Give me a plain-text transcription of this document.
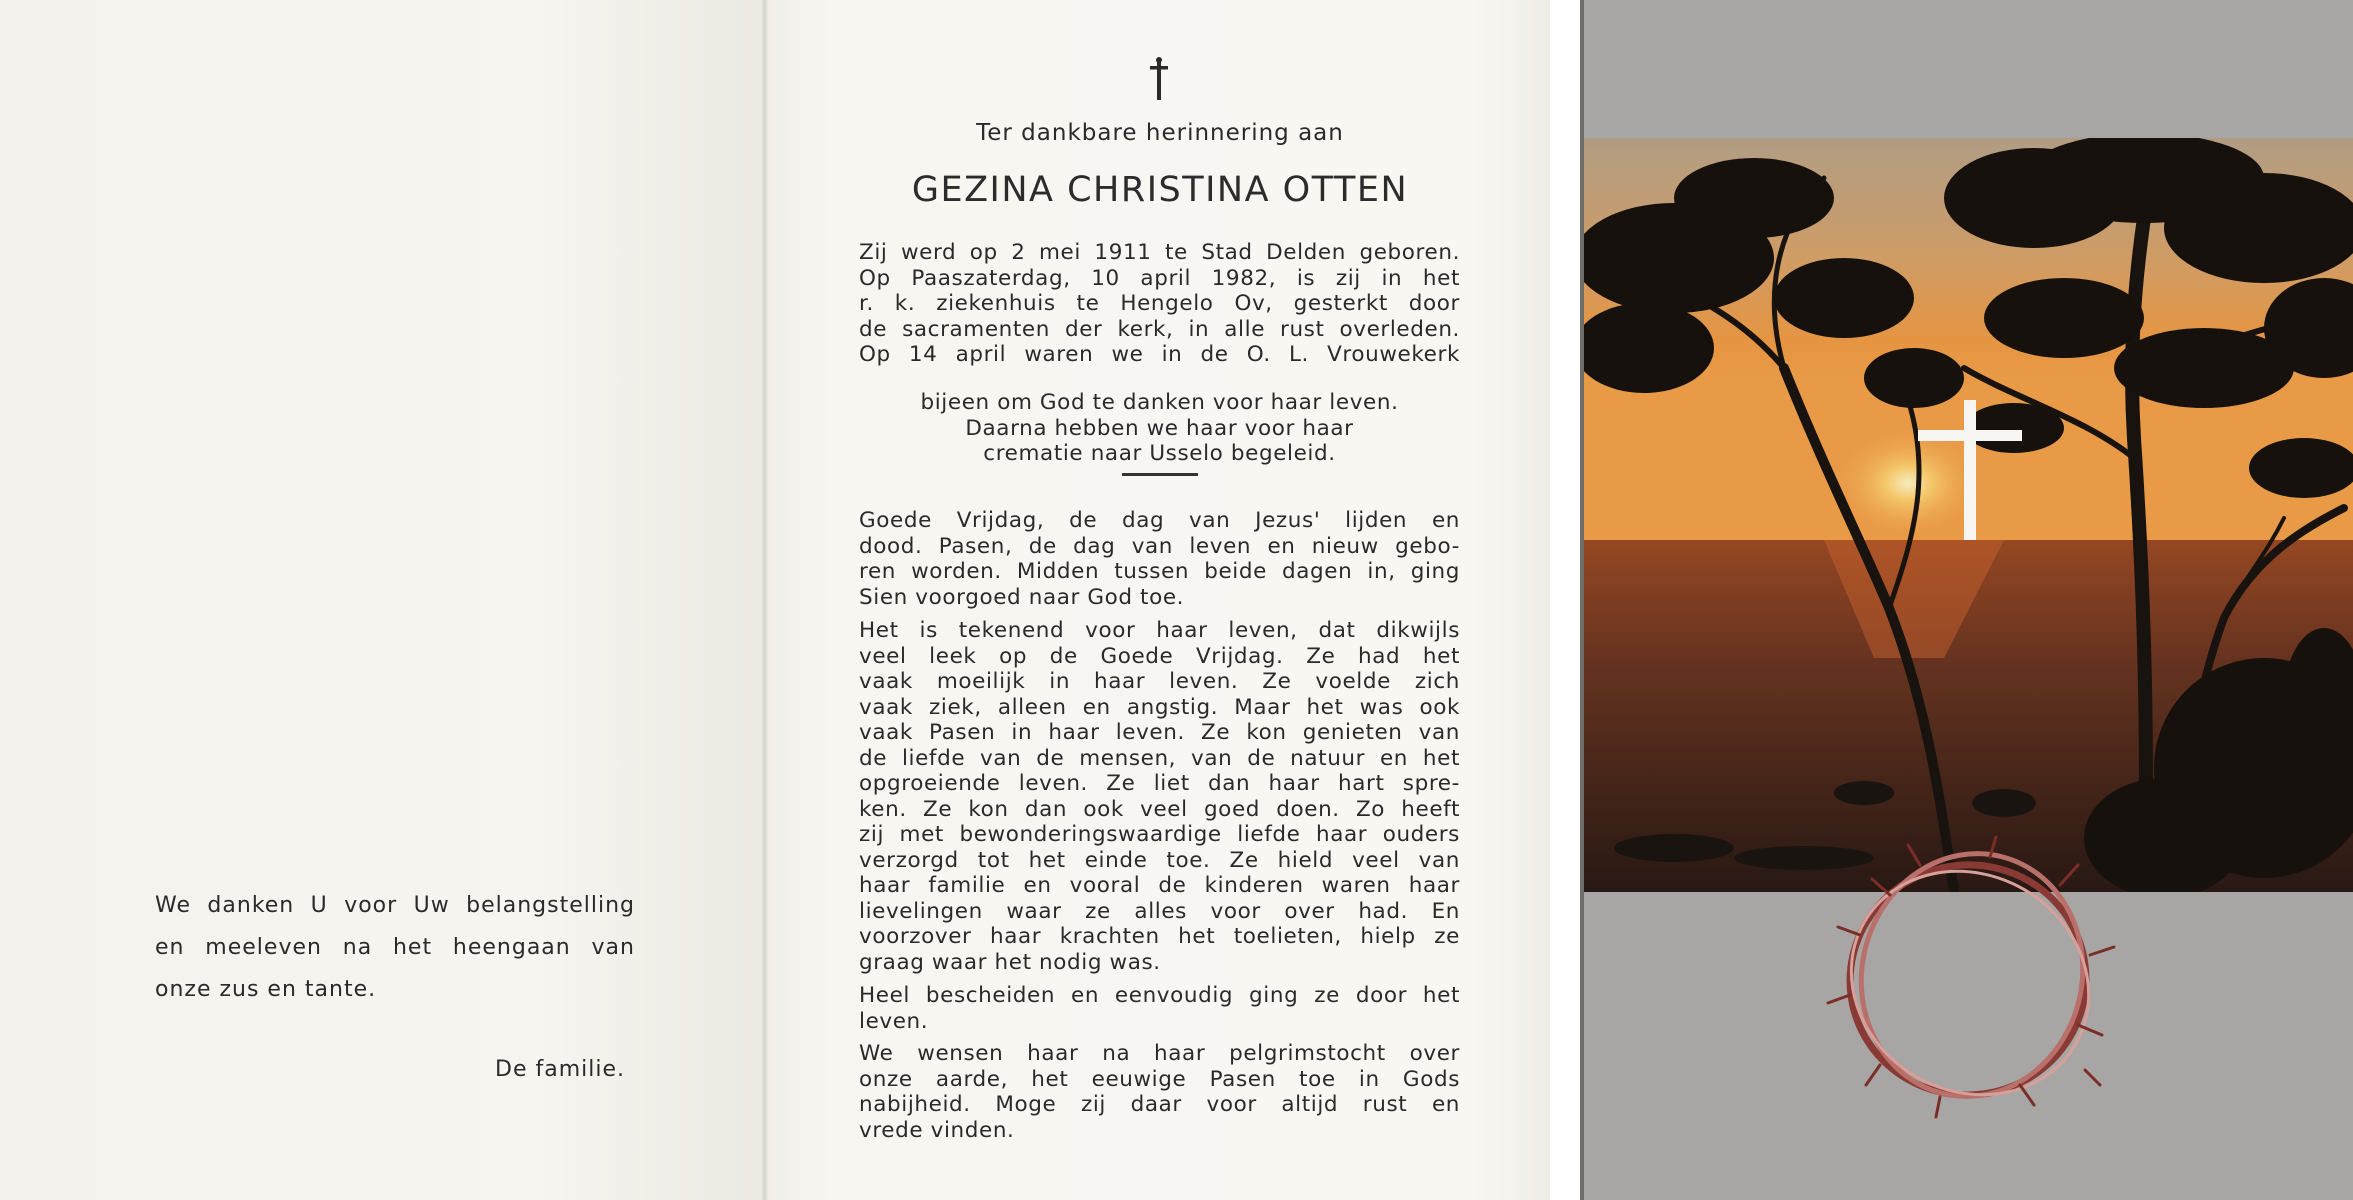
We danken U voor Uw belangstelling
en meeleven na het heengaan van
onze zus en tante.
De familie.
Ter dankbare herinnering aan
GEZINA CHRISTINA OTTEN
Zij werd op 2 mei 1911 te Stad Delden geboren.
Op Paaszaterdag, 10 april 1982, is zij in het
r. k. ziekenhuis te Hengelo Ov, gesterkt door
de sacramenten der kerk, in alle rust overleden.
Op 14 april waren we in de O. L. Vrouwekerk
bijeen om God te danken voor haar leven.
Daarna hebben we haar voor haar
crematie naar Usselo begeleid.
Goede Vrijdag, de dag van Jezus' lijden en
dood. Pasen, de dag van leven en nieuw gebo-
ren worden. Midden tussen beide dagen in, ging
Sien voorgoed naar God toe.
Het is tekenend voor haar leven, dat dikwijls
veel leek op de Goede Vrijdag. Ze had het
vaak moeilijk in haar leven. Ze voelde zich
vaak ziek, alleen en angstig. Maar het was ook
vaak Pasen in haar leven. Ze kon genieten van
de liefde van de mensen, van de natuur en het
opgroeiende leven. Ze liet dan haar hart spre-
ken. Ze kon dan ook veel goed doen. Zo heeft
zij met bewonderingswaardige liefde haar ouders
verzorgd tot het einde toe. Ze hield veel van
haar familie en vooral de kinderen waren haar
lievelingen waar ze alles voor over had. En
voorzover haar krachten het toelieten, hielp ze
graag waar het nodig was.
Heel bescheiden en eenvoudig ging ze door het
leven.
We wensen haar na haar pelgrimstocht over
onze aarde, het eeuwige Pasen toe in Gods
nabijheid. Moge zij daar voor altijd rust en
vrede vinden.
